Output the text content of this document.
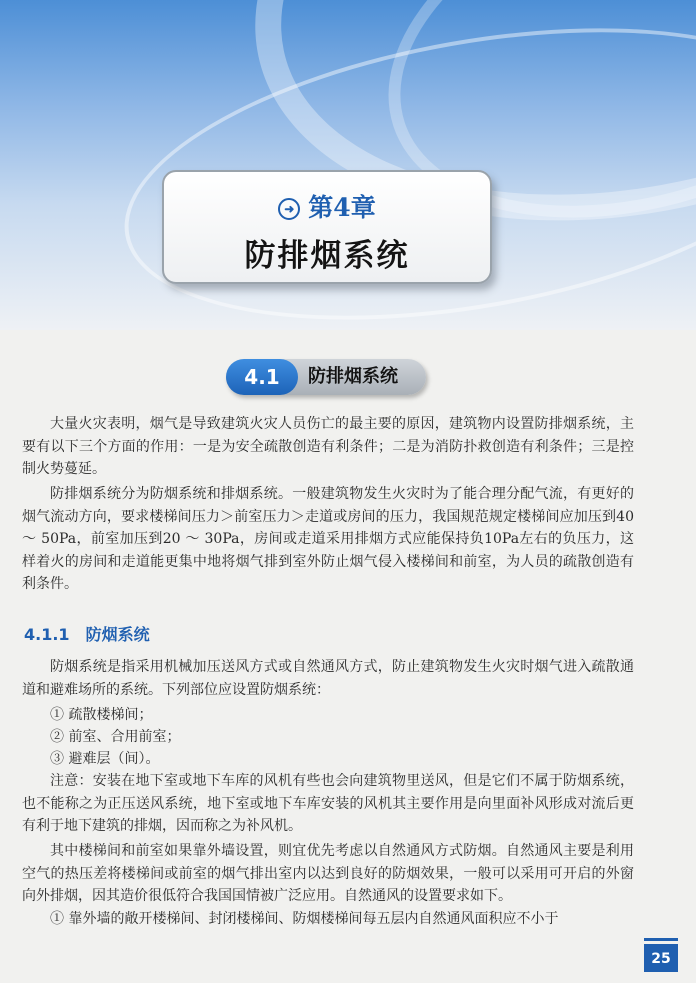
➜ 第4章
防排烟系统
4.1	防排烟系统

大量火灾表明，烟气是导致建筑火灾人员伤亡的最主要的原因，建筑物内设置防排烟系统，主要有以下三个方面的作用：一是为安全疏散创造有利条件；二是为消防扑救创造有利条件；三是控制火势蔓延。

防排烟系统分为防烟系统和排烟系统。一般建筑物发生火灾时为了能合理分配气流，有更好的烟气流动方向，要求楼梯间压力＞前室压力＞走道或房间的压力，我国规范规定楼梯间应加压到40 ～ 50Pa，前室加压到20 ～ 30Pa，房间或走道采用排烟方式应能保持负10Pa左右的负压力，这样着火的房间和走道能更集中地将烟气排到室外防止烟气侵入楼梯间和前室，为人员的疏散创造有利条件。

4.1.1 防烟系统

防烟系统是指采用机械加压送风方式或自然通风方式，防止建筑物发生火灾时烟气进入疏散通道和避难场所的系统。下列部位应设置防烟系统：

① 疏散楼梯间；
② 前室、合用前室；
③ 避难层（间）。

注意：安装在地下室或地下车库的风机有些也会向建筑物里送风，但是它们不属于防烟系统，也不能称之为正压送风系统，地下室或地下车库安装的风机其主要作用是向里面补风形成对流后更有利于地下建筑的排烟，因而称之为补风机。

其中楼梯间和前室如果靠外墙设置，则宜优先考虑以自然通风方式防烟。自然通风主要是利用空气的热压差将楼梯间或前室的烟气排出室内以达到良好的防烟效果，一般可以采用可开启的外窗向外排烟，因其造价很低符合我国国情被广泛应用。自然通风的设置要求如下。

① 靠外墙的敞开楼梯间、封闭楼梯间、防烟楼梯间每五层内自然通风面积应不小于

25
